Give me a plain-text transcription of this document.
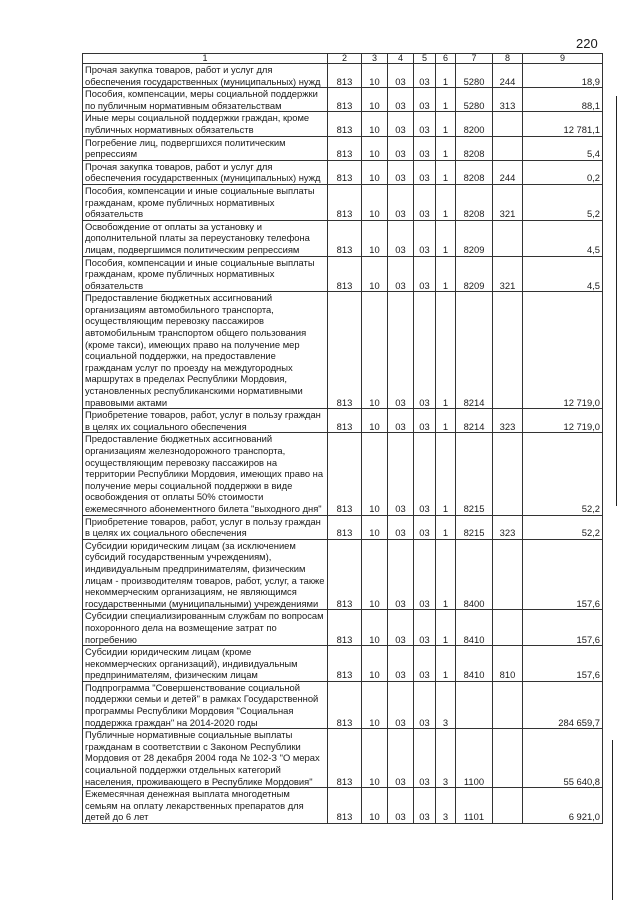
220
1	2	3	4	5	6	7	8	9
Прочая закупка товаров, работ и услуг для обеспечения государственных (муниципальных) нужд	813	10	03	03	1	5280	244	18,9
Пособия, компенсации, меры социальной поддержки по публичным нормативным обязательствам	813	10	03	03	1	5280	313	88,1
Иные меры социальной поддержки граждан, кроме публичных нормативных обязательств	813	10	03	03	1	8200		12 781,1
Погребение лиц, подвергшихся политическим репрессиям	813	10	03	03	1	8208		5,4
Прочая закупка товаров, работ и услуг для обеспечения государственных (муниципальных) нужд	813	10	03	03	1	8208	244	0,2
Пособия, компенсации и иные социальные выплаты гражданам, кроме публичных нормативных обязательств	813	10	03	03	1	8208	321	5,2
Освобождение от оплаты за установку и дополнительной платы за переустановку телефона лицам, подвергшимся политическим репрессиям	813	10	03	03	1	8209		4,5
Пособия, компенсации и иные социальные выплаты гражданам, кроме публичных нормативных обязательств	813	10	03	03	1	8209	321	4,5
Предоставление бюджетных ассигнований организациям автомобильного транспорта, осуществляющим перевозку пассажиров автомобильным транспортом общего пользования (кроме такси), имеющих право на получение мер социальной поддержки, на предоставление гражданам услуг по проезду на междугородных маршрутах в пределах Республики Мордовия, установленных республиканскими нормативными правовыми актами	813	10	03	03	1	8214		12 719,0
Приобретение товаров, работ, услуг в пользу граждан в целях их социального обеспечения	813	10	03	03	1	8214	323	12 719,0
Предоставление бюджетных ассигнований организациям железнодорожного транспорта, осуществляющим перевозку пассажиров на территории Республики Мордовия, имеющих право на получение меры социальной поддержки в виде освобождения от оплаты 50% стоимости ежемесячного абонементного билета "выходного дня"	813	10	03	03	1	8215		52,2
Приобретение товаров, работ, услуг в пользу граждан в целях их социального обеспечения	813	10	03	03	1	8215	323	52,2
Субсидии юридическим лицам (за исключением субсидий государственным учреждениям), индивидуальным предпринимателям, физическим лицам - производителям товаров, работ, услуг, а также некоммерческим организациям, не являющимся государственными (муниципальными) учреждениями	813	10	03	03	1	8400		157,6
Субсидии специализированным службам по вопросам похоронного дела на возмещение затрат по погребению	813	10	03	03	1	8410		157,6
Субсидии юридическим лицам (кроме некоммерческих организаций), индивидуальным предпринимателям, физическим лицам	813	10	03	03	1	8410	810	157,6
Подпрограмма "Совершенствование социальной поддержки семьи и детей" в рамках Государственной программы Республики Мордовия "Социальная поддержка граждан" на 2014-2020 годы	813	10	03	03	3			284 659,7
Публичные нормативные социальные выплаты гражданам в соответствии с Законом Республики Мордовия от 28 декабря 2004 года № 102-З "О мерах социальной поддержки отдельных категорий населения, проживающего в Республике Мордовия"	813	10	03	03	3	1100		55 640,8
Ежемесячная денежная выплата многодетным семьям на оплату лекарственных препаратов для детей до 6 лет	813	10	03	03	3	1101		6 921,0
